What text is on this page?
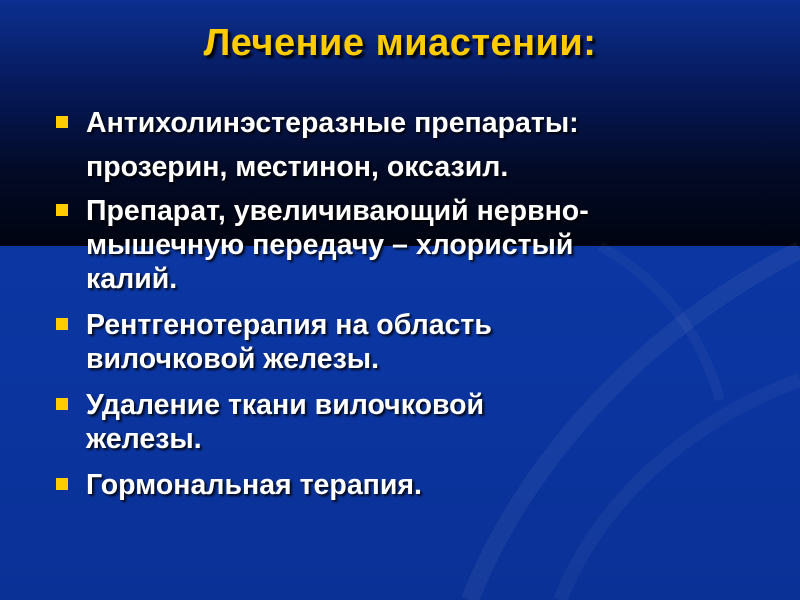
Лечение миастении:
Антихолинэстеразные препараты:
прозерин, местинон, оксазил.
Препарат, увеличивающий нервно-
мышечную передачу – хлористый
калий.
Рентгенотерапия на область
вилочковой железы.
Удаление ткани вилочковой
железы.
Гормональная терапия.
